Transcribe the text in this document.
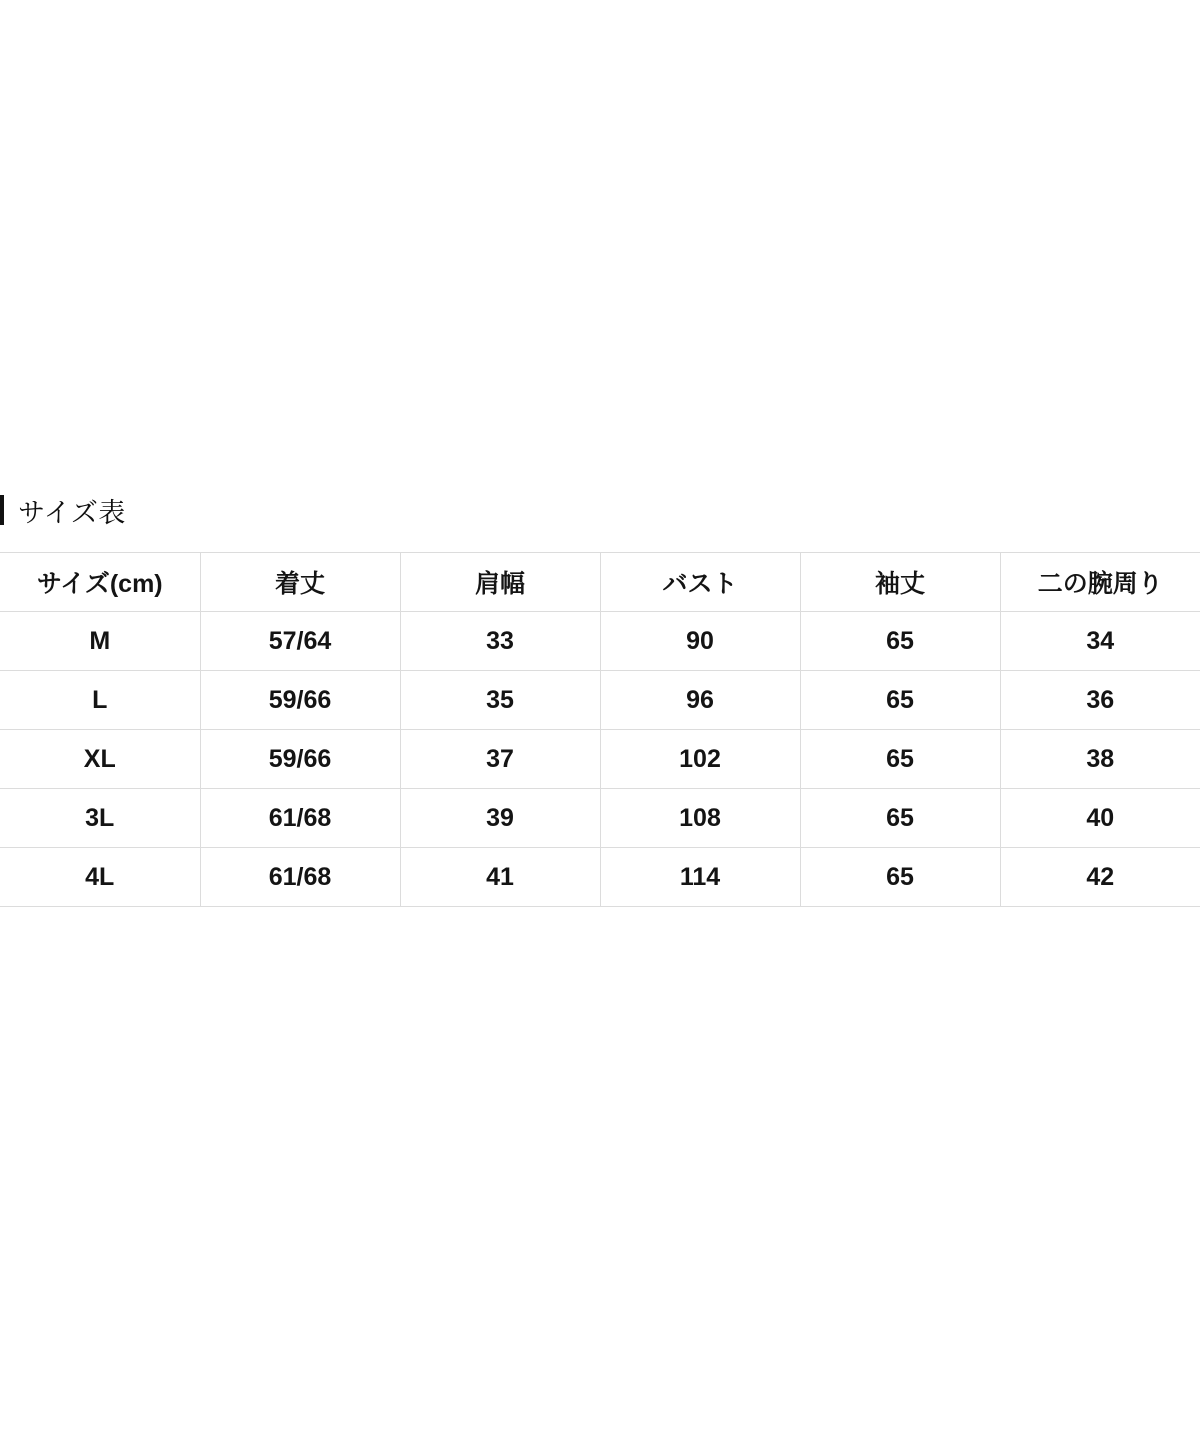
サイズ表
サイズ(cm)	着丈	肩幅	バスト	袖丈	二の腕周り
M	57/64	33	90	65	34
L	59/66	35	96	65	36
XL	59/66	37	102	65	38
3L	61/68	39	108	65	40
4L	61/68	41	114	65	42
